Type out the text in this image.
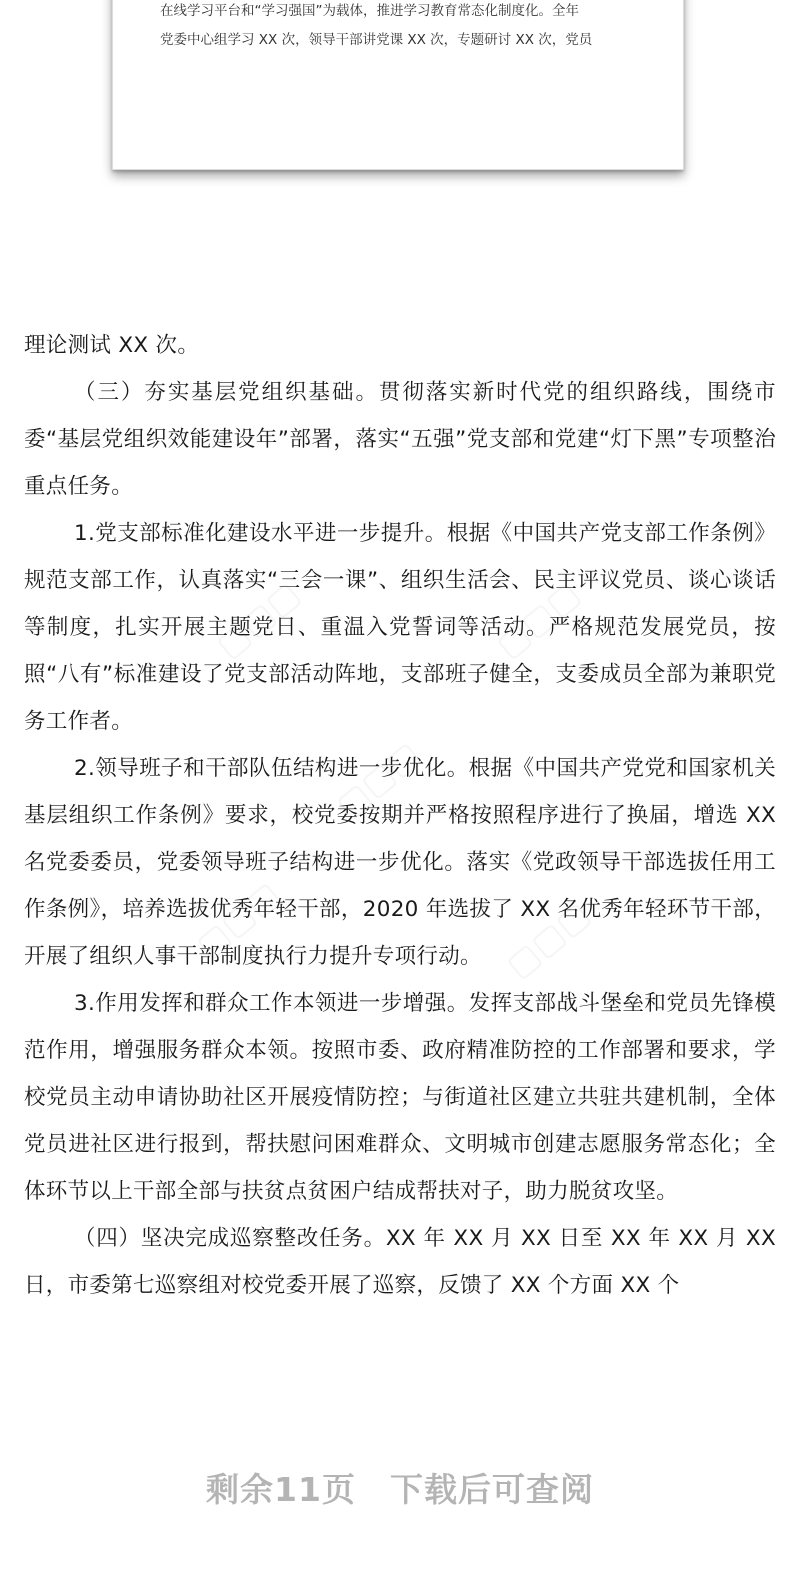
在线学习平台和“学习强国”为载体，推进学习教育常态化制度化。全年
党委中心组学习 XX 次，领导干部讲党课 XX 次，专题研讨 XX 次，党员
▢▢▢	▢▢▢
▢▢▢
▢▢▢	▢▢▢

理论测试 XX 次。

（三）夯实基层党组织基础。贯彻落实新时代党的组织路线，围绕市委“基层党组织效能建设年”部署，落实“五强”党支部和党建“灯下黑”专项整治重点任务。

1.党支部标准化建设水平进一步提升。根据《中国共产党支部工作条例》规范支部工作，认真落实“三会一课”、组织生活会、民主评议党员、谈心谈话等制度，扎实开展主题党日、重温入党誓词等活动。严格规范发展党员，按照“八有”标准建设了党支部活动阵地，支部班子健全，支委成员全部为兼职党务工作者。

2.领导班子和干部队伍结构进一步优化。根据《中国共产党党和国家机关基层组织工作条例》要求，校党委按期并严格按照程序进行了换届，增选 XX 名党委委员，党委领导班子结构进一步优化。落实《党政领导干部选拔任用工作条例》，培养选拔优秀年轻干部，2020 年选拔了 XX 名优秀年轻环节干部，开展了组织人事干部制度执行力提升专项行动。

3.作用发挥和群众工作本领进一步增强。发挥支部战斗堡垒和党员先锋模范作用，增强服务群众本领。按照市委、政府精准防控的工作部署和要求，学校党员主动申请协助社区开展疫情防控；与街道社区建立共驻共建机制，全体党员进社区进行报到，帮扶慰问困难群众、文明城市创建志愿服务常态化；全体环节以上干部全部与扶贫点贫困户结成帮扶对子，助力脱贫攻坚。

（四）坚决完成巡察整改任务。XX 年 XX 月 XX 日至 XX 年 XX 月 XX 日，市委第七巡察组对校党委开展了巡察，反馈了 XX 个方面 XX 个

剩余11页　下载后可查阅
